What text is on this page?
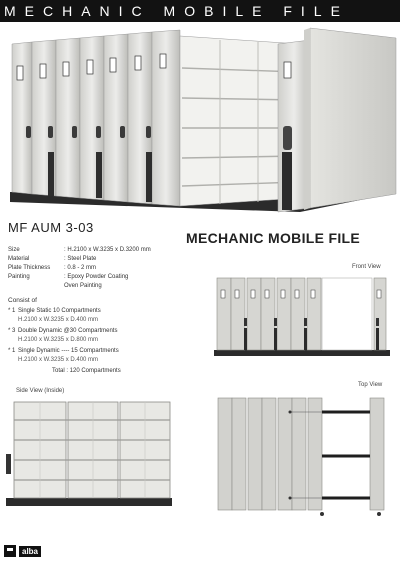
MECHANIC MOBILE FILE
MF AUM 3-03
MECHANIC MOBILE FILE
Size	: H.2100 x W.3235 x D.3200 mm
Material	: Steel Plate
Plate Thickness	: 0.8 - 2 mm
Painting	: Epoxy Powder Coating
Oven Painting
Consist of
* 1 Single Static 10 Compartments
H.2100 x W.3235 x D.400 mm
* 3 Double Dynamic @30 Compartments
H.2100 x W.3235 x D.800 mm
* 1 Single Dynamic ---- 15 Compartments
H.2100 x W.3235 x D.400 mm
Total : 120 Compartments
Front View
Side View (Inside)
Top View
alba
